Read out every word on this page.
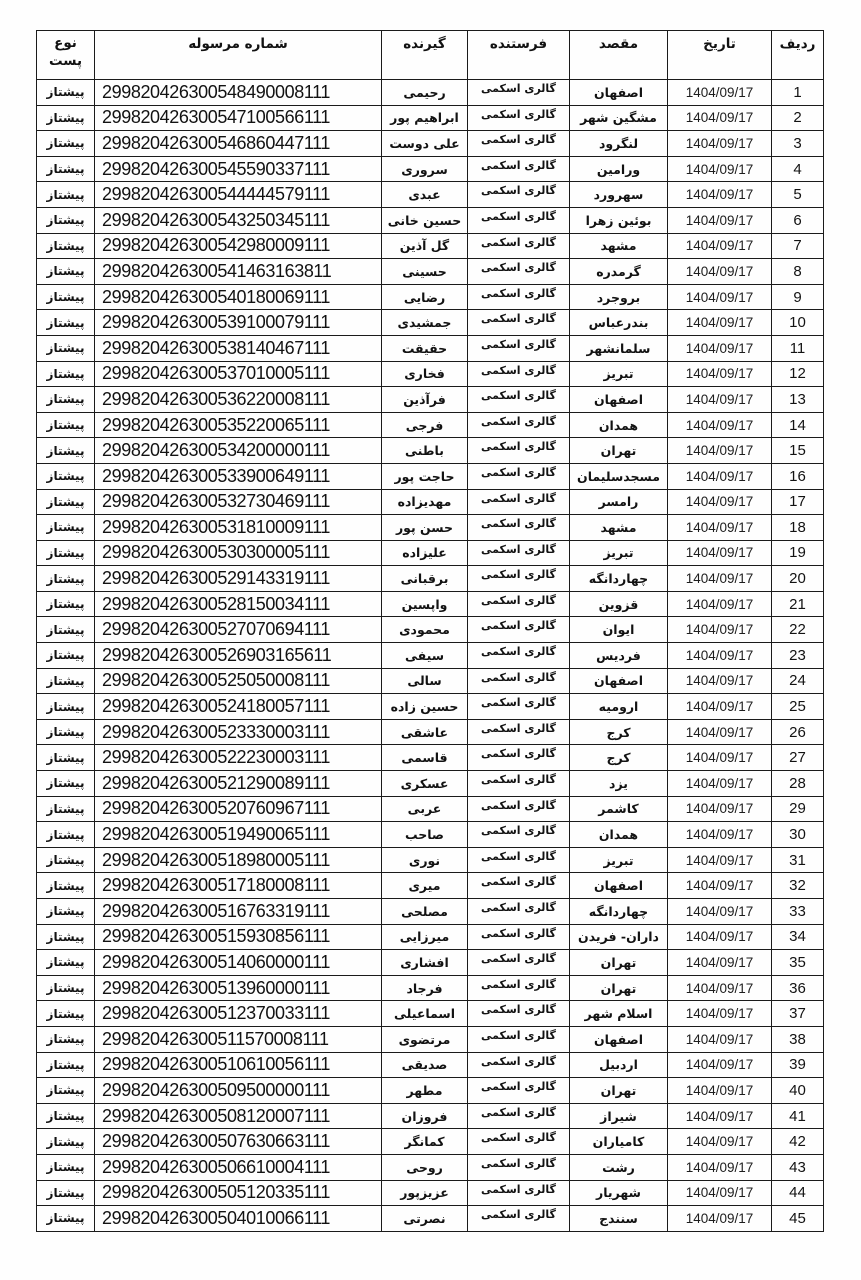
ردیف	تاریخ	مقصد	فرستنده	گیرنده	شماره مرسوله	نوع پست
1	1404/09/17	اصفهان	گالری اسکمی	رحیمی	299820426300548490008111	پیشتاز
2	1404/09/17	مشگین شهر	گالری اسکمی	ابراهیم پور	299820426300547100566111	پیشتاز
3	1404/09/17	لنگرود	گالری اسکمی	علی دوست	299820426300546860447111	پیشتاز
4	1404/09/17	ورامین	گالری اسکمی	سروری	299820426300545590337111	پیشتاز
5	1404/09/17	سهرورد	گالری اسکمی	عبدی	299820426300544444579111	پیشتاز
6	1404/09/17	بوئین زهرا	گالری اسکمی	حسین خانی	299820426300543250345111	پیشتاز
7	1404/09/17	مشهد	گالری اسکمی	گل آذین	299820426300542980009111	پیشتاز
8	1404/09/17	گرمدره	گالری اسکمی	حسینی	299820426300541463163811	پیشتاز
9	1404/09/17	بروجرد	گالری اسکمی	رضایی	299820426300540180069111	پیشتاز
10	1404/09/17	بندرعباس	گالری اسکمی	جمشیدی	299820426300539100079111	پیشتاز
11	1404/09/17	سلمانشهر	گالری اسکمی	حقیقت	299820426300538140467111	پیشتاز
12	1404/09/17	تبریز	گالری اسکمی	فخاری	299820426300537010005111	پیشتاز
13	1404/09/17	اصفهان	گالری اسکمی	فرآذین	299820426300536220008111	پیشتاز
14	1404/09/17	همدان	گالری اسکمی	فرجی	299820426300535220065111	پیشتاز
15	1404/09/17	تهران	گالری اسکمی	باطنی	299820426300534200000111	پیشتاز
16	1404/09/17	مسجدسلیمان	گالری اسکمی	حاجت پور	299820426300533900649111	پیشتاز
17	1404/09/17	رامسر	گالری اسکمی	مهدیزاده	299820426300532730469111	پیشتاز
18	1404/09/17	مشهد	گالری اسکمی	حسن پور	299820426300531810009111	پیشتاز
19	1404/09/17	تبریز	گالری اسکمی	علیزاده	299820426300530300005111	پیشتاز
20	1404/09/17	چهاردانگه	گالری اسکمی	برقبانی	299820426300529143319111	پیشتاز
21	1404/09/17	قزوین	گالری اسکمی	واپسین	299820426300528150034111	پیشتاز
22	1404/09/17	ایوان	گالری اسکمی	محمودی	299820426300527070694111	پیشتاز
23	1404/09/17	فردیس	گالری اسکمی	سیفی	299820426300526903165611	پیشتاز
24	1404/09/17	اصفهان	گالری اسکمی	سالی	299820426300525050008111	پیشتاز
25	1404/09/17	ارومیه	گالری اسکمی	حسین زاده	299820426300524180057111	پیشتاز
26	1404/09/17	کرج	گالری اسکمی	عاشقی	299820426300523330003111	پیشتاز
27	1404/09/17	کرج	گالری اسکمی	قاسمی	299820426300522230003111	پیشتاز
28	1404/09/17	یزد	گالری اسکمی	عسکری	299820426300521290089111	پیشتاز
29	1404/09/17	کاشمر	گالری اسکمی	عربی	299820426300520760967111	پیشتاز
30	1404/09/17	همدان	گالری اسکمی	صاحب	299820426300519490065111	پیشتاز
31	1404/09/17	تبریز	گالری اسکمی	نوری	299820426300518980005111	پیشتاز
32	1404/09/17	اصفهان	گالری اسکمی	میری	299820426300517180008111	پیشتاز
33	1404/09/17	چهاردانگه	گالری اسکمی	مصلحی	299820426300516763319111	پیشتاز
34	1404/09/17	داران- فریدن	گالری اسکمی	میرزایی	299820426300515930856111	پیشتاز
35	1404/09/17	تهران	گالری اسکمی	افشاری	299820426300514060000111	پیشتاز
36	1404/09/17	تهران	گالری اسکمی	فرجاد	299820426300513960000111	پیشتاز
37	1404/09/17	اسلام شهر	گالری اسکمی	اسماعیلی	299820426300512370033111	پیشتاز
38	1404/09/17	اصفهان	گالری اسکمی	مرتضوی	299820426300511570008111	پیشتاز
39	1404/09/17	اردبیل	گالری اسکمی	صدیقی	299820426300510610056111	پیشتاز
40	1404/09/17	تهران	گالری اسکمی	مطهر	299820426300509500000111	پیشتاز
41	1404/09/17	شیراز	گالری اسکمی	فروزان	299820426300508120007111	پیشتاز
42	1404/09/17	کامیاران	گالری اسکمی	کمانگر	299820426300507630663111	پیشتاز
43	1404/09/17	رشت	گالری اسکمی	روحی	299820426300506610004111	پیشتاز
44	1404/09/17	شهریار	گالری اسکمی	عزیزپور	299820426300505120335111	پیشتاز
45	1404/09/17	سنندج	گالری اسکمی	نصرتی	299820426300504010066111	پیشتاز
